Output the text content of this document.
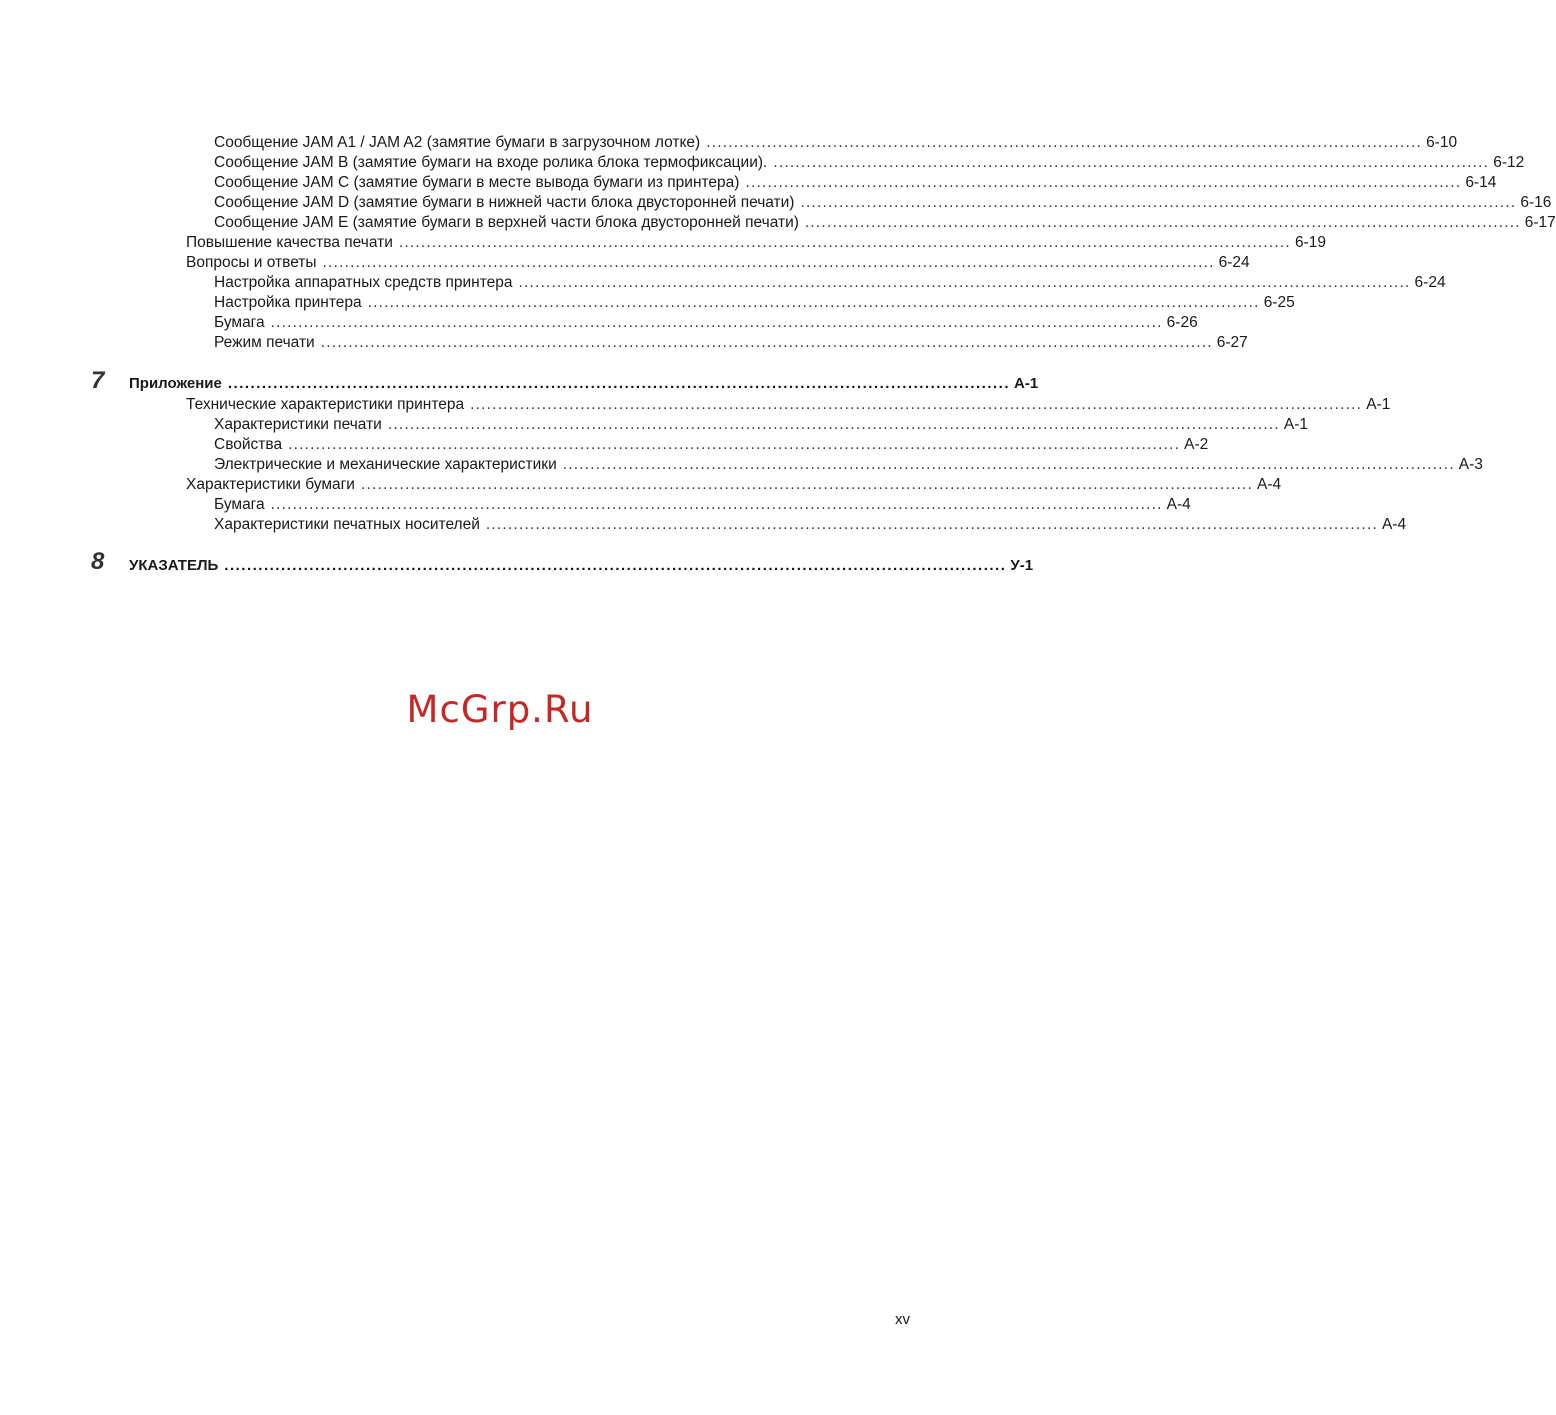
Сообщение JAM A1 / JAM A2 (замятие бумаги в загрузочном лотке) .................................................................................................................................. 6-10
Сообщение JAM B (замятие бумаги на входе ролика блока термофиксации). .................................................................................................................................. 6-12
Сообщение JAM C (замятие бумаги в месте вывода бумаги из принтера) .................................................................................................................................. 6-14
Сообщение JAM D (замятие бумаги в нижней части блока двусторонней печати) .................................................................................................................................. 6-16
Сообщение JAM E (замятие бумаги в верхней части блока двусторонней печати) .................................................................................................................................. 6-17
Повышение качества печати .................................................................................................................................................................. 6-19
Вопросы и ответы .................................................................................................................................................................. 6-24
Настройка аппаратных средств принтера .................................................................................................................................................................. 6-24
Настройка принтера .................................................................................................................................................................. 6-25
Бумага .................................................................................................................................................................. 6-26
Режим печати .................................................................................................................................................................. 6-27
7 Приложение .......................................................................................................................................... A-1
Технические характеристики принтера .................................................................................................................................................................. A-1
Характеристики печати .................................................................................................................................................................. A-1
Свойства .................................................................................................................................................................. A-2
Электрические и механические характеристики .................................................................................................................................................................. A-3
Характеристики бумаги .................................................................................................................................................................. A-4
Бумага .................................................................................................................................................................. A-4
Характеристики печатных носителей .................................................................................................................................................................. A-4
8 УКАЗАТЕЛЬ .......................................................................................................................................... У-1
McGrp.Ru
xv
